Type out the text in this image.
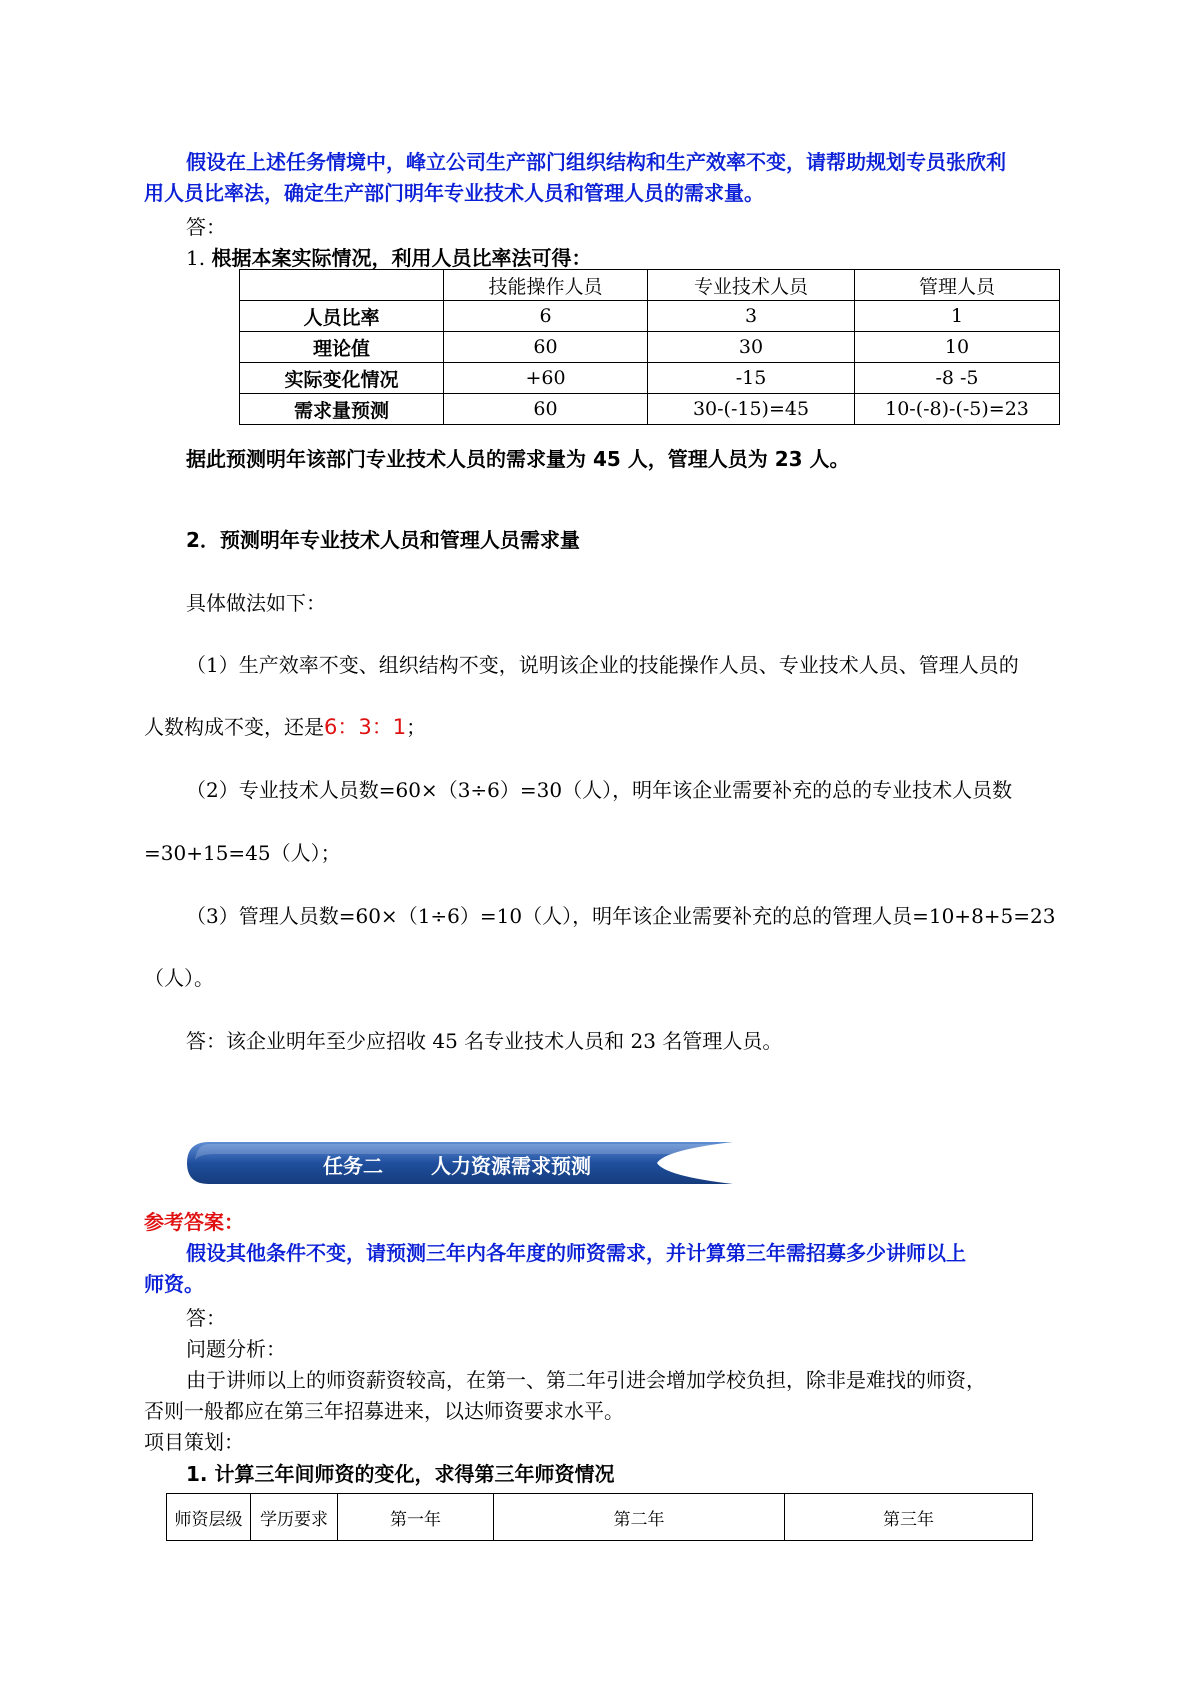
假设在上述任务情境中，峰立公司生产部门组织结构和生产效率不变，请帮助规划专员张欣利
用人员比率法，确定生产部门明年专业技术人员和管理人员的需求量。
答：
1. 根据本案实际情况，利用人员比率法可得：
	技能操作人员	专业技术人员	管理人员
人员比率	6	3	1
理论值	60	30	10
实际变化情况	+60	-15	-8 -5
需求量预测	60	30-(-15)=45	10-(-8)-(-5)=23
据此预测明年该部门专业技术人员的需求量为 45 人，管理人员为 23 人。
2．预测明年专业技术人员和管理人员需求量
具体做法如下：
（1）生产效率不变、组织结构不变，说明该企业的技能操作人员、专业技术人员、管理人员的
人数构成不变，还是6：3：1；
（2）专业技术人员数=60×（3÷6）=30（人），明年该企业需要补充的总的专业技术人员数
=30+15=45（人）；
（3）管理人员数=60×（1÷6）=10（人），明年该企业需要补充的总的管理人员=10+8+5=23
（人）。
答：该企业明年至少应招收 45 名专业技术人员和 23 名管理人员。
任务二 人力资源需求预测
参考答案：
假设其他条件不变，请预测三年内各年度的师资需求，并计算第三年需招募多少讲师以上
师资。
答：
问题分析：
由于讲师以上的师资薪资较高，在第一、第二年引进会增加学校负担，除非是难找的师资，
否则一般都应在第三年招募进来，以达师资要求水平。
项目策划：
1. 计算三年间师资的变化，求得第三年师资情况
师资层级	学历要求	第一年	第二年	第三年
